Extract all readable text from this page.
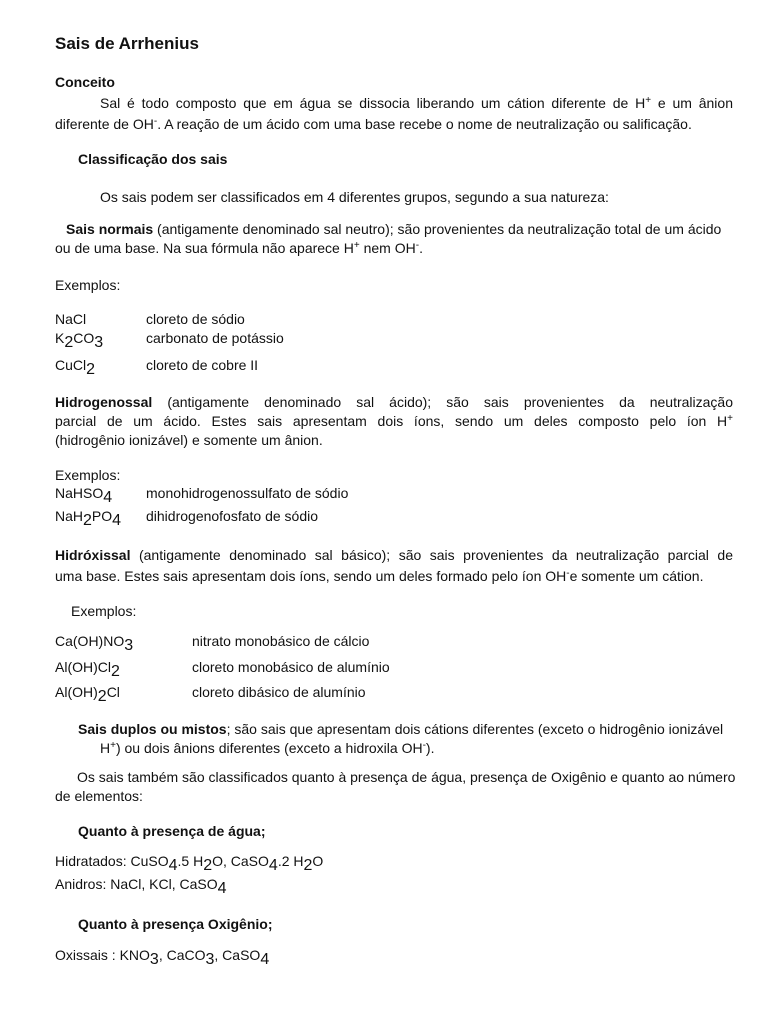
Sais de Arrhenius
Conceito
Sal é todo composto que em água se dissocia liberando um cátion diferente de H+ e um ânion
diferente de OH-. A reação de um ácido com uma base recebe o nome de neutralização ou salificação.
Classificação dos sais
Os sais podem ser classificados em 4 diferentes grupos, segundo a sua natureza:
Sais normais (antigamente denominado sal neutro); são provenientes da neutralização total de um ácido
ou de uma base. Na sua fórmula não aparece H+ nem OH-.
Exemplos:
NaCl	cloreto de sódio
$K_2CO_3$	carbonato de potássio
CuCl$_2$	cloreto de cobre II
Hidrogenossal (antigamente denominado sal ácido); são sais provenientes da neutralização
parcial de um ácido. Estes sais apresentam dois íons, sendo um deles composto pelo íon H+
(hidrogênio ionizável) e somente um ânion.
Exemplos:
NaHSO$_4$ monohidrogenossulfato de sódio
$NaH_2PO_4$ dihidrogenofosfato de sódio
Hidróxissal (antigamente denominado sal básico); são sais provenientes da neutralização parcial de
uma base. Estes sais apresentam dois íons, sendo um deles formado pelo íon OH-e somente um cátion.
Exemplos:
$Ca(OH)NO_3$	nitrato monobásico de cálcio
$Al(OH)Cl_2$	cloreto monobásico de alumínio
$Al(OH)_2Cl$	cloreto dibásico de alumínio
Sais duplos ou mistos; são sais que apresentam dois cátions diferentes (exceto o hidrogênio ionizável
H+) ou dois ânions diferentes (exceto a hidroxila OH-).
Os sais também são classificados quanto à presença de água, presença de Oxigênio e quanto ao número
de elementos:
Quanto à presença de água;
Hidratados: CuSO$_4$.5 $H_2O$, CaSO$_4$.2 $H_2O$
Anidros: NaCl, KCl, CaSO$_4$
Quanto à presença Oxigênio;
Oxissais : $KNO_3$, CaCO$_3$, CaSO$_4$
